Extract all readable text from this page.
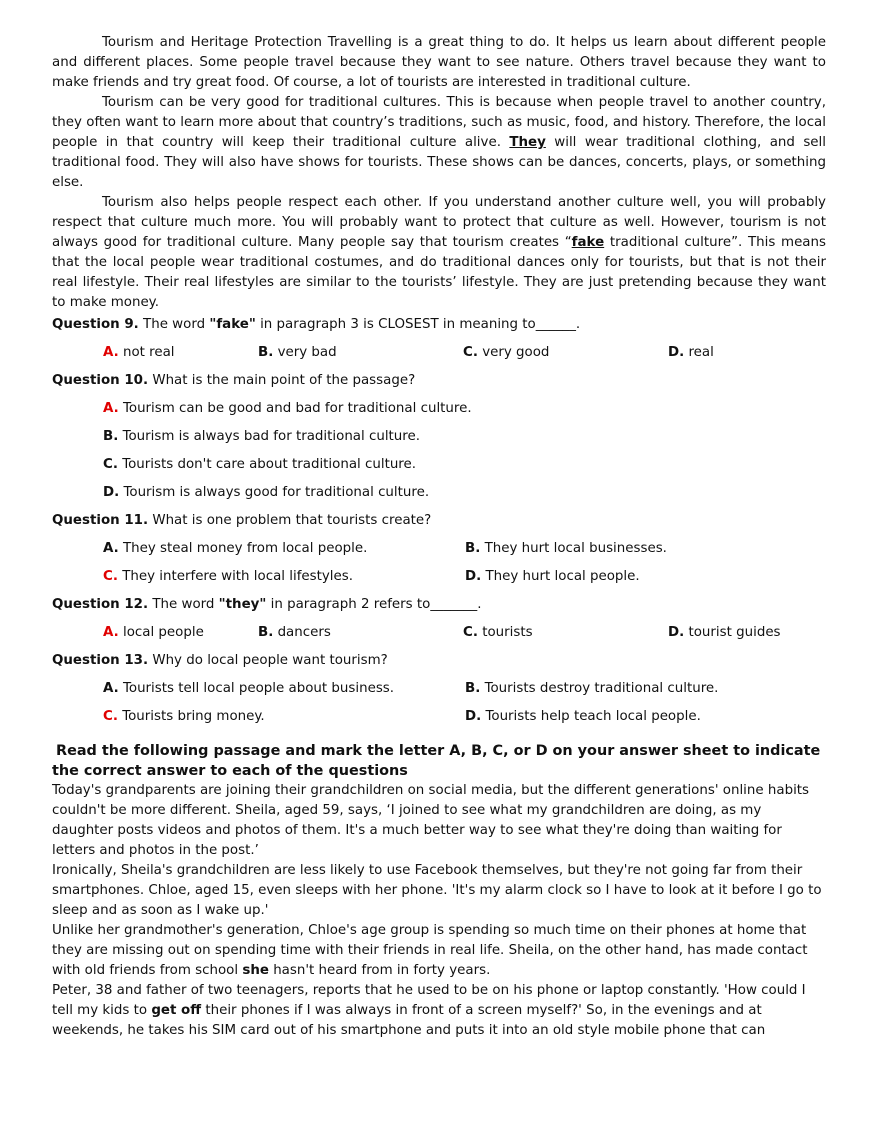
Tourism and Heritage Protection Travelling is a great thing to do. It helps us learn about different people and different places. Some people travel because they want to see nature. Others travel because they want to make friends and try great food. Of course, a lot of tourists are interested in traditional culture.

Tourism can be very good for traditional cultures. This is because when people travel to another country, they often want to learn more about that country’s traditions, such as music, food, and history. Therefore, the local people in that country will keep their traditional culture alive. They will wear traditional clothing, and sell traditional food. They will also have shows for tourists. These shows can be dances, concerts, plays, or something else.

Tourism also helps people respect each other. If you understand another culture well, you will probably respect that culture much more. You will probably want to protect that culture as well. However, tourism is not always good for traditional culture. Many people say that tourism creates “fake traditional culture”. This means that the local people wear traditional costumes, and do traditional dances only for tourists, but that is not their real lifestyle. Their real lifestyles are similar to the tourists’ lifestyle. They are just pretending because they want to make money.

Question 9. The word "fake" in paragraph 3 is CLOSEST in meaning to______.
A. not real	B. very bad	C. very good	D. real
Question 10. What is the main point of the passage?
A. Tourism can be good and bad for traditional culture.
B. Tourism is always bad for traditional culture.
C. Tourists don't care about traditional culture.
D. Tourism is always good for traditional culture.
Question 11. What is one problem that tourists create?
A. They steal money from local people.	B. They hurt local businesses.
C. They interfere with local lifestyles.	D. They hurt local people.
Question 12. The word "they" in paragraph 2 refers to_______.
A. local people	B. dancers	C. tourists	D. tourist guides
Question 13. Why do local people want tourism?
A. Tourists tell local people about business.	B. Tourists destroy traditional culture.
C. Tourists bring money.	D. Tourists help teach local people.
Read the following passage and mark the letter A, B, C, or D on your answer sheet to indicate
the correct answer to each of the questions

Today's grandparents are joining their grandchildren on social media, but the different generations' online habits couldn't be more different. Sheila, aged 59, says, ‘I joined to see what my grandchildren are doing, as my daughter posts videos and photos of them. It's a much better way to see what they're doing than waiting for letters and photos in the post.’

Ironically, Sheila's grandchildren are less likely to use Facebook themselves, but they're not going far from their smartphones. Chloe, aged 15, even sleeps with her phone. 'It's my alarm clock so I have to look at it before I go to sleep and as soon as I wake up.'

Unlike her grandmother's generation, Chloe's age group is spending so much time on their phones at home that they are missing out on spending time with their friends in real life. Sheila, on the other hand, has made contact with old friends from school she hasn't heard from in forty years.

Peter, 38 and father of two teenagers, reports that he used to be on his phone or laptop constantly. 'How could I tell my kids to get off their phones if I was always in front of a screen myself?' So, in the evenings and at weekends, he takes his SIM card out of his smartphone and puts it into an old style mobile phone that can
